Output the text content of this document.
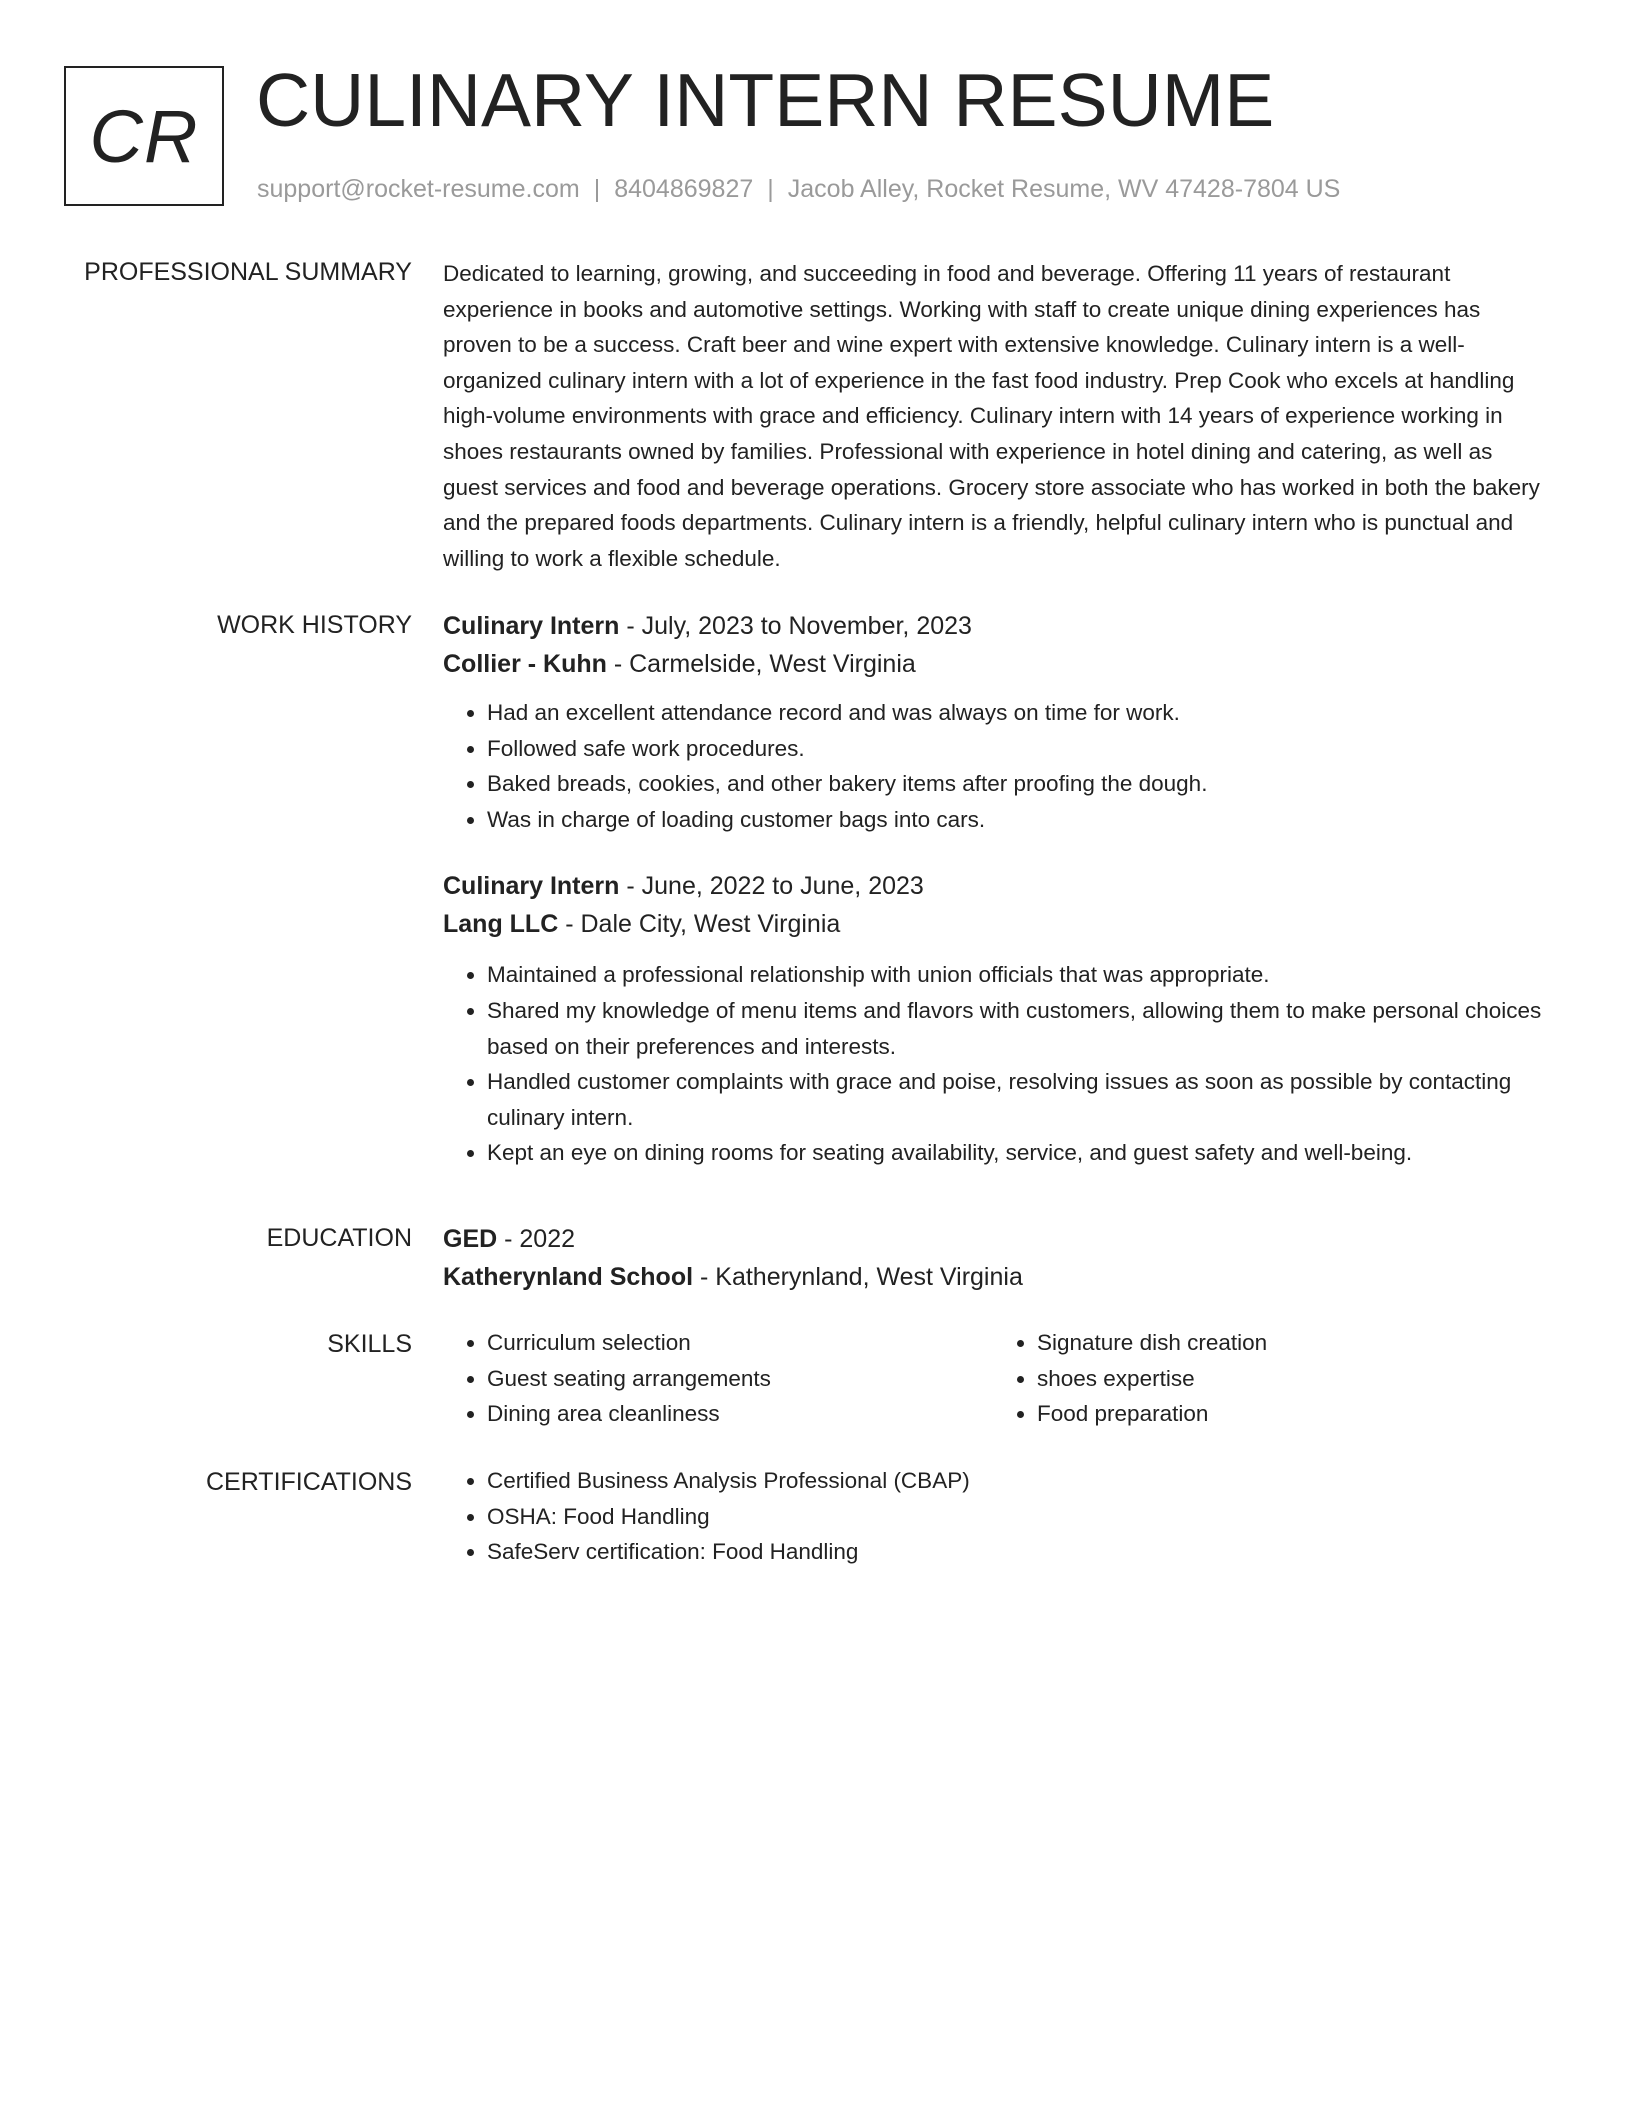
CR CULINARY INTERN RESUME
support@rocket-resume.com | 8404869827 | Jacob Alley, Rocket Resume, WV 47428-7804 US
PROFESSIONAL SUMMARY Dedicated to learning, growing, and succeeding in food and beverage. Offering 11 years of restaurant experience in books and automotive settings. Working with staff to create unique dining experiences has proven to be a success. Craft beer and wine expert with extensive knowledge. Culinary intern is a well-organized culinary intern with a lot of experience in the fast food industry. Prep Cook who excels at handling high-volume environments with grace and efficiency. Culinary intern with 14 years of experience working in shoes restaurants owned by families. Professional with experience in hotel dining and catering, as well as guest services and food and beverage operations. Grocery store associate who has worked in both the bakery and the prepared foods departments. Culinary intern is a friendly, helpful culinary intern who is punctual and willing to work a flexible schedule.

WORK HISTORY Culinary Intern - July, 2023 to November, 2023
Collier - Kuhn - Carmelside, West Virginia
• Had an excellent attendance record and was always on time for work.
• Followed safe work procedures.
• Baked breads, cookies, and other bakery items after proofing the dough.
• Was in charge of loading customer bags into cars.
Culinary Intern - June, 2022 to June, 2023
Lang LLC - Dale City, West Virginia
• Maintained a professional relationship with union officials that was appropriate.
• Shared my knowledge of menu items and flavors with customers, allowing them to make personal choices based on their preferences and interests.
• Handled customer complaints with grace and poise, resolving issues as soon as possible by contacting culinary intern.
• Kept an eye on dining rooms for seating availability, service, and guest safety and well-being.
EDUCATION GED - 2022
Katherynland School - Katherynland, West Virginia
SKILLS	• Curriculum selection
• Guest seating arrangements
• Dining area cleanliness
• Signature dish creation
• shoes expertise
• Food preparation
CERTIFICATIONS	• Certified Business Analysis Professional (CBAP)
• OSHA: Food Handling
• SafeServ certification: Food Handling
